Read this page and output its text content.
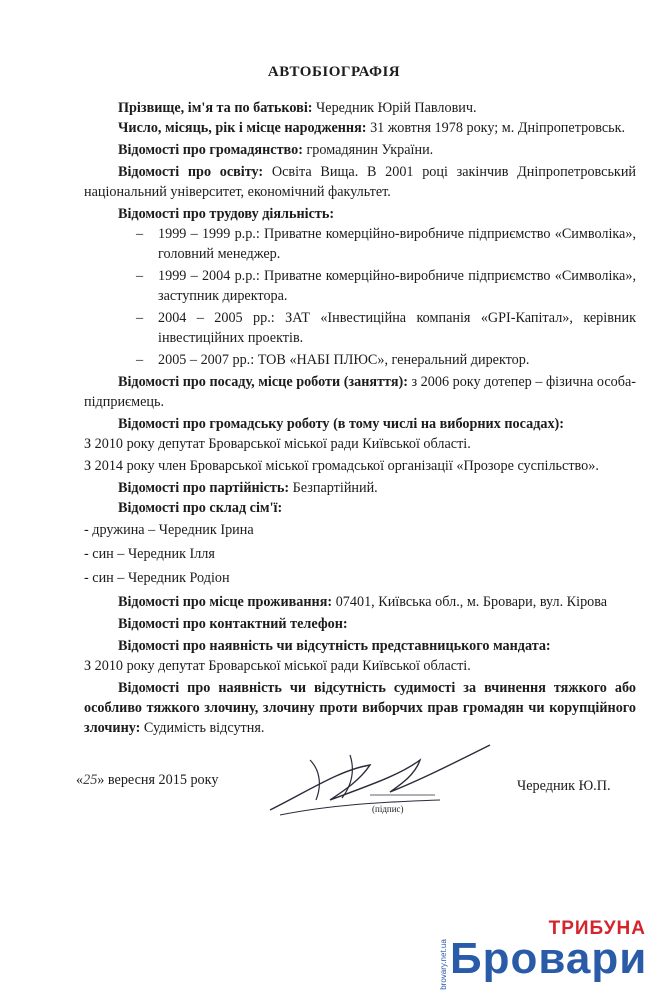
АВТОБІОГРАФІЯ

Прізвище, ім'я та по батькові: Чередник Юрій Павлович.

Число, місяць, рік і місце народження: 31 жовтня 1978 року; м. Дніпропетровськ.

Відомості про громадянство: громадянин України.

Відомості про освіту: Освіта Вища. В 2001 році закінчив Дніпропетровський національний університет, економічний факультет.

Відомості про трудову діяльність:

– 1999 – 1999 р.р.: Приватне комерційно-виробниче підприємство «Символіка», головний менеджер.
– 1999 – 2004 р.р.: Приватне комерційно-виробниче підприємство «Символіка», заступник директора.
– 2004 – 2005 рр.: ЗАТ «Інвестиційна компанія «GPI-Капітал», керівник інвестиційних проектів.
– 2005 – 2007 рр.: ТОВ «НАБІ ПЛЮС», генеральний директор.

Відомості про посаду, місце роботи (заняття): з 2006 року дотепер – фізична особа-підприємець.

Відомості про громадську роботу (в тому числі на виборних посадах):

З 2010 року депутат Броварської міської ради Київської області.

З 2014 року член Броварської міської громадської організації «Прозоре суспільство».

Відомості про партійність: Безпартійний.

Відомості про склад сім'ї:

- дружина – Чередник Ірина
- син – Чередник Ілля
- син – Чередник Родіон

Відомості про місце проживання: 07401, Київська обл., м. Бровари, вул. Кірова

Відомості про контактний телефон:

Відомості про наявність чи відсутність представницького мандата:

З 2010 року депутат Броварської міської ради Київської області.

Відомості про наявність чи відсутність судимості за вчинення тяжкого або особливо тяжкого злочину, злочину проти виборчих прав громадян чи корупційного злочину: Судимість відсутня.

«25» вересня 2015 року
(підпис)
Чередник Ю.П.
ТРИБУНА
Бровари
brovary.net.ua
